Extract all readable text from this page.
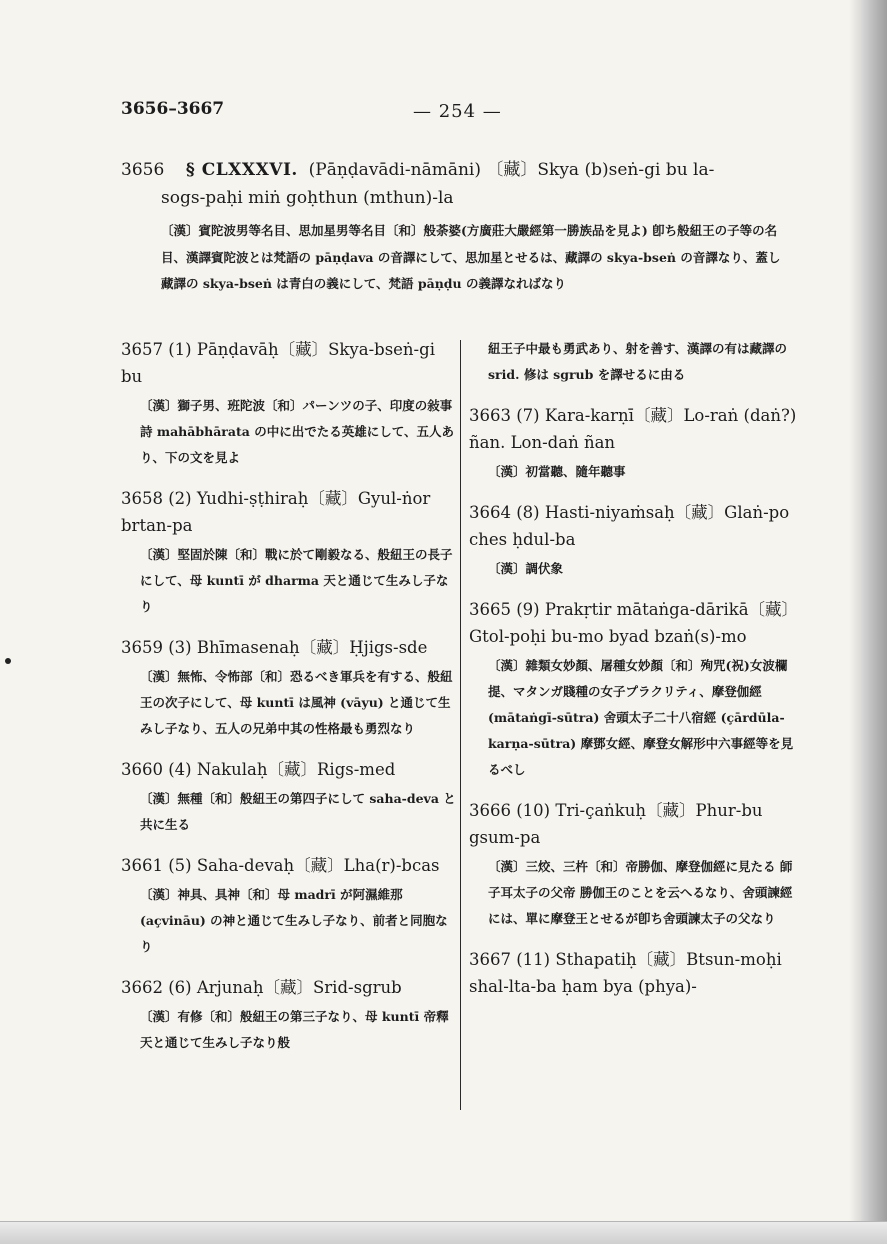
3656–3667	— 254 —
3656 § CLXXXVI. (Pāṇḍavādi-nāmāni) 〔藏〕Skya (b)seṅ-gi bu la-
sogs-paḥi miṅ goḥthun (mthun)-la
〔漢〕賓陀波男等名目、思加星男等名目〔和〕般荼婆(方廣莊大嚴經第一勝族品を見よ) 卽ち般紐王の子等の名目、漢譯賓陀波とは梵語の pāṇḍava の音譯にして、思加星とせるは、藏譯の skya-bseṅ の音譯なり、蓋し藏譯の skya-bseṅ は青白の義にして、梵語 pāṇḍu の義譯なればなり
3657 (1) Pāṇḍavāḥ〔藏〕Skya-bseṅ-gi bu
〔漢〕獅子男、班陀波〔和〕パーンツの子、印度の敍事詩 mahābhārata の中に出でたる英雄にして、五人あり、下の文を見よ
3658 (2) Yudhi-ṣṭhiraḥ〔藏〕Gyul-ṅor brtan-pa
〔漢〕堅固於陳〔和〕戰に於て剛毅なる、般紐王の長子にして、母 kuntī が dharma 天と通じて生みし子なり
3659 (3) Bhīmasenaḥ〔藏〕Ḥjigs-sde
〔漢〕無怖、令怖部〔和〕恐るべき軍兵を有する、般紐王の次子にして、母 kuntī は風神 (vāyu) と通じて生みし子なり、五人の兄弟中其の性格最も勇烈なり
3660 (4) Nakulaḥ〔藏〕Rigs-med
〔漢〕無種〔和〕般紐王の第四子にして saha-deva と共に生る
3661 (5) Saha-devaḥ〔藏〕Lha(r)-bcas
〔漢〕神具、具神〔和〕母 madrī が阿濕維那 (açvināu) の神と通じて生みし子なり、前者と同胞なり
3662 (6) Arjunaḥ〔藏〕Srid-sgrub
〔漢〕有修〔和〕般紐王の第三子なり、母 kuntī 帝釋天と通じて生みし子なり般
紐王子中最も勇武あり、射を善す、漢譯の有は藏譯の srid. 修は sgrub を譯せるに由る
3663 (7) Kara-karṇī〔藏〕Lo-raṅ (daṅ?) ñan. Lon-daṅ ñan
〔漢〕初當聽、隨年聽事
3664 (8) Hasti-niyaṁsaḥ〔藏〕Glaṅ-po ches ḥdul-ba
〔漢〕調伏象
3665 (9) Prakṛtir mātaṅga-dārikā〔藏〕Gtol-poḥi bu-mo byad bzaṅ(s)-mo
〔漢〕雜類女妙顏、屠種女妙顏〔和〕殉咒(祝)女波欄提、マタンガ賤種の女子プラクリティ、摩登伽經 (mātaṅgī-sūtra) 舍頭太子二十八宿經 (çārdūla-karṇa-sūtra) 摩鄧女經、摩登女解形中六事經等を見るべし
3666 (10) Tri-çaṅkuḥ〔藏〕Phur-bu gsum-pa
〔漢〕三烄、三杵〔和〕帝勝伽、摩登伽經に見たる 師子耳太子の父帝 勝伽王のことを云へるなり、舍頭諫經には、單に摩登王とせるが卽ち舍頭諫太子の父なり
3667 (11) Sthapatiḥ〔藏〕Btsun-moḥi shal-lta-ba ḥam bya (phya)-
